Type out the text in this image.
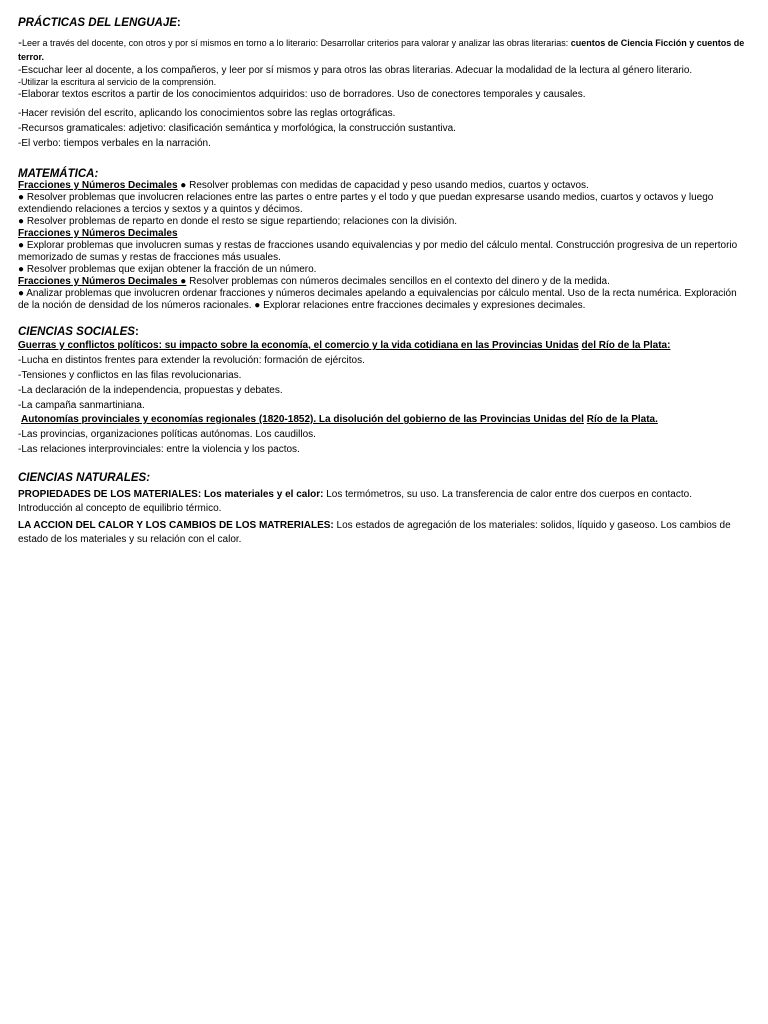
PRÁCTICAS DEL LENGUAJE:

-Leer a través del docente, con otros y por sí mismos en torno a lo literario: Desarrollar criterios para valorar y analizar las obras literarias: cuentos de Ciencia Ficción y cuentos de terror.

-Escuchar leer al docente, a los compañeros, y leer por sí mismos y para otros las obras literarias. Adecuar la modalidad de la lectura al género literario.

-Utilizar la escritura al servicio de la comprensión.

-Elaborar textos escritos a partir de los conocimientos adquiridos: uso de borradores. Uso de conectores temporales y causales.

-Hacer revisión del escrito, aplicando los conocimientos sobre las reglas ortográficas.

-Recursos gramaticales: adjetivo: clasificación semántica y morfológica, la construcción sustantiva.

-El verbo: tiempos verbales en la narración.

MATEMÁTICA:

Fracciones y Números Decimales ● Resolver problemas con medidas de capacidad y peso usando medios, cuartos y octavos.

● Resolver problemas que involucren relaciones entre las partes o entre partes y el todo y que puedan expresarse usando medios, cuartos y octavos y luego extendiendo relaciones a tercios y sextos y a quintos y décimos.

● Resolver problemas de reparto en donde el resto se sigue repartiendo; relaciones con la división.

Fracciones y Números Decimales

● Explorar problemas que involucren sumas y restas de fracciones usando equivalencias y por medio del cálculo mental. Construcción progresiva de un repertorio memorizado de sumas y restas de fracciones más usuales.

● Resolver problemas que exijan obtener la fracción de un número.

Fracciones y Números Decimales ● Resolver problemas con números decimales sencillos en el contexto del dinero y de la medida.

● Analizar problemas que involucren ordenar fracciones y números decimales apelando a equivalencias por cálculo mental. Uso de la recta numérica. Exploración de la noción de densidad de los números racionales. ● Explorar relaciones entre fracciones decimales y expresiones decimales.

CIENCIAS SOCIALES:

Guerras y conflictos políticos: su impacto sobre la economía, el comercio y la vida cotidiana en las Provincias Unidas del Río de la Plata:

-Lucha en distintos frentes para extender la revolución: formación de ejércitos.

-Tensiones y conflictos en las filas revolucionarias.

-La declaración de la independencia, propuestas y debates.

-La campaña sanmartiniana.

Autonomías provinciales y economías regionales (1820-1852). La disolución del gobierno de las Provincias Unidas del Río de la Plata.

-Las provincias, organizaciones políticas autónomas. Los caudillos.

-Las relaciones interprovinciales: entre la violencia y los pactos.

CIENCIAS NATURALES:

PROPIEDADES DE LOS MATERIALES: Los materiales y el calor: Los termómetros, su uso. La transferencia de calor entre dos cuerpos en contacto. Introducción al concepto de equilibrio térmico.

LA ACCION DEL CALOR Y LOS CAMBIOS DE LOS MATRERIALES: Los estados de agregación de los materiales: solidos, líquido y gaseoso. Los cambios de estado de los materiales y su relación con el calor.
